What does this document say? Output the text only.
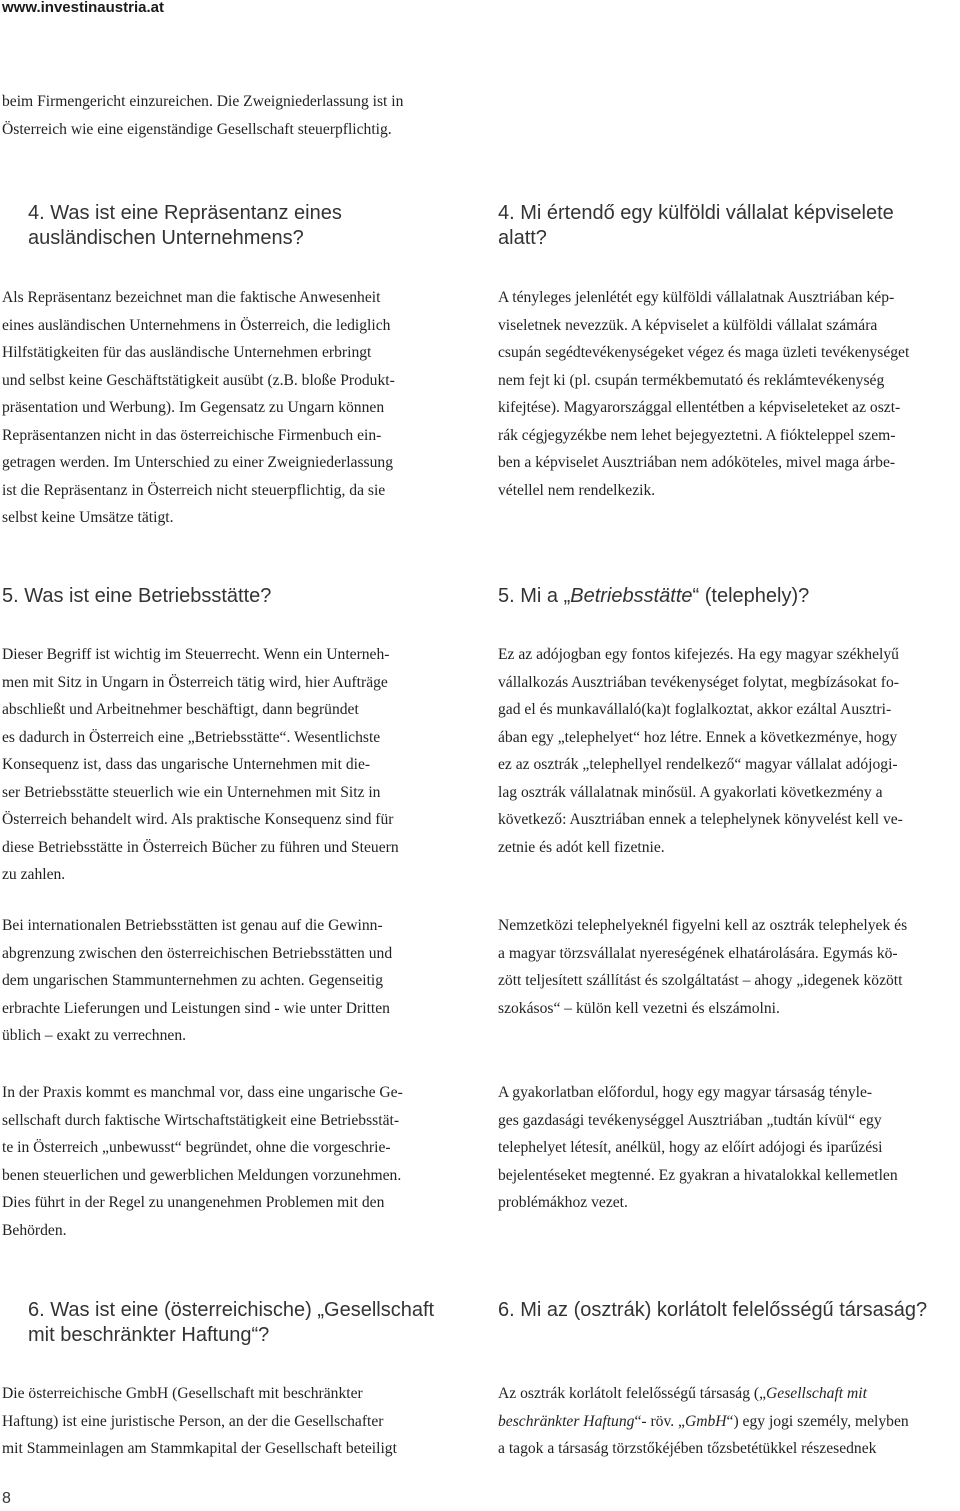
www.investinaustria.at
beim Firmengericht einzureichen. Die Zweigniederlassung ist in
Österreich wie eine eigenständige Gesellschaft steuerpflichtig.
4. Was ist eine Repräsentanz eines
ausländischen Unternehmens?
Als Repräsentanz bezeichnet man die faktische Anwesenheit
eines ausländischen Unternehmens in Österreich, die lediglich
Hilfstätigkeiten für das ausländische Unternehmen erbringt
und selbst keine Geschäftstätigkeit ausübt (z.B. bloße Produkt-
präsentation und Werbung). Im Gegensatz zu Ungarn können
Repräsentanzen nicht in das österreichische Firmenbuch ein-
getragen werden. Im Unterschied zu einer Zweigniederlassung
ist die Repräsentanz in Österreich nicht steuerpflichtig, da sie
selbst keine Umsätze tätigt.
5. Was ist eine Betriebsstätte?
Dieser Begriff ist wichtig im Steuerrecht. Wenn ein Unterneh-
men mit Sitz in Ungarn in Österreich tätig wird, hier Aufträge
abschließt und Arbeitnehmer beschäftigt, dann begründet
es dadurch in Österreich eine „Betriebsstätte“. Wesentlichste
Konsequenz ist, dass das ungarische Unternehmen mit die-
ser Betriebsstätte steuerlich wie ein Unternehmen mit Sitz in
Österreich behandelt wird. Als praktische Konsequenz sind für
diese Betriebsstätte in Österreich Bücher zu führen und Steuern
zu zahlen.
Bei internationalen Betriebsstätten ist genau auf die Gewinn-
abgrenzung zwischen den österreichischen Betriebsstätten und
dem ungarischen Stammunternehmen zu achten. Gegenseitig
erbrachte Lieferungen und Leistungen sind - wie unter Dritten
üblich – exakt zu verrechnen.
In der Praxis kommt es manchmal vor, dass eine ungarische Ge-
sellschaft durch faktische Wirtschaftstätigkeit eine Betriebsstät-
te in Österreich „unbewusst“ begründet, ohne die vorgeschrie-
benen steuerlichen und gewerblichen Meldungen vorzunehmen.
Dies führt in der Regel zu unangenehmen Problemen mit den
Behörden.
6. Was ist eine (österreichische) „Gesellschaft
mit beschränkter Haftung“?
Die österreichische GmbH (Gesellschaft mit beschränkter
Haftung) ist eine juristische Person, an der die Gesellschafter
mit Stammeinlagen am Stammkapital der Gesellschaft beteiligt
4. Mi értendő egy külföldi vállalat képviselete
alatt?
A tényleges jelenlétét egy külföldi vállalatnak Ausztriában kép-
viseletnek nevezzük. A képviselet a külföldi vállalat számára
csupán segédtevékenységeket végez és maga üzleti tevékenységet
nem fejt ki (pl. csupán termékbemutató és reklámtevékenység
kifejtése). Magyarországgal ellentétben a képviseleteket az oszt-
rák cégjegyzékbe nem lehet bejegyeztetni. A fiókteleppel szem-
ben a képviselet Ausztriában nem adóköteles, mivel maga árbe-
vétellel nem rendelkezik.
5. Mi a „Betriebsstätte“ (telephely)?
Ez az adójogban egy fontos kifejezés. Ha egy magyar székhelyű
vállalkozás Ausztriában tevékenységet folytat, megbízásokat fo-
gad el és munkavállaló(ka)t foglalkoztat, akkor ezáltal Ausztri-
ában egy „telephelyet“ hoz létre. Ennek a következménye, hogy
ez az osztrák „telephellyel rendelkező“ magyar vállalat adójogi-
lag osztrák vállalatnak minősül. A gyakorlati következmény a
következő: Ausztriában ennek a telephelynek könyvelést kell ve-
zetnie és adót kell fizetnie.
Nemzetközi telephelyeknél figyelni kell az osztrák telephelyek és
a magyar törzsvállalat nyereségének elhatárolására. Egymás kö-
zött teljesített szállítást és szolgáltatást – ahogy „idegenek között
szokásos“ – külön kell vezetni és elszámolni.
A gyakorlatban előfordul, hogy egy magyar társaság tényle-
ges gazdasági tevékenységgel Ausztriában „tudtán kívül“ egy
telephelyet létesít, anélkül, hogy az előírt adójogi és iparűzési
bejelentéseket megtenné. Ez gyakran a hivatalokkal kellemetlen
problémákhoz vezet.
6. Mi az (osztrák) korlátolt felelősségű társaság?
Az osztrák korlátolt felelősségű társaság („Gesellschaft mit
beschränkter Haftung“- röv. „GmbH“) egy jogi személy, melyben
a tagok a társaság törzstőkéjében tőzsbetétükkel részesednek
8
